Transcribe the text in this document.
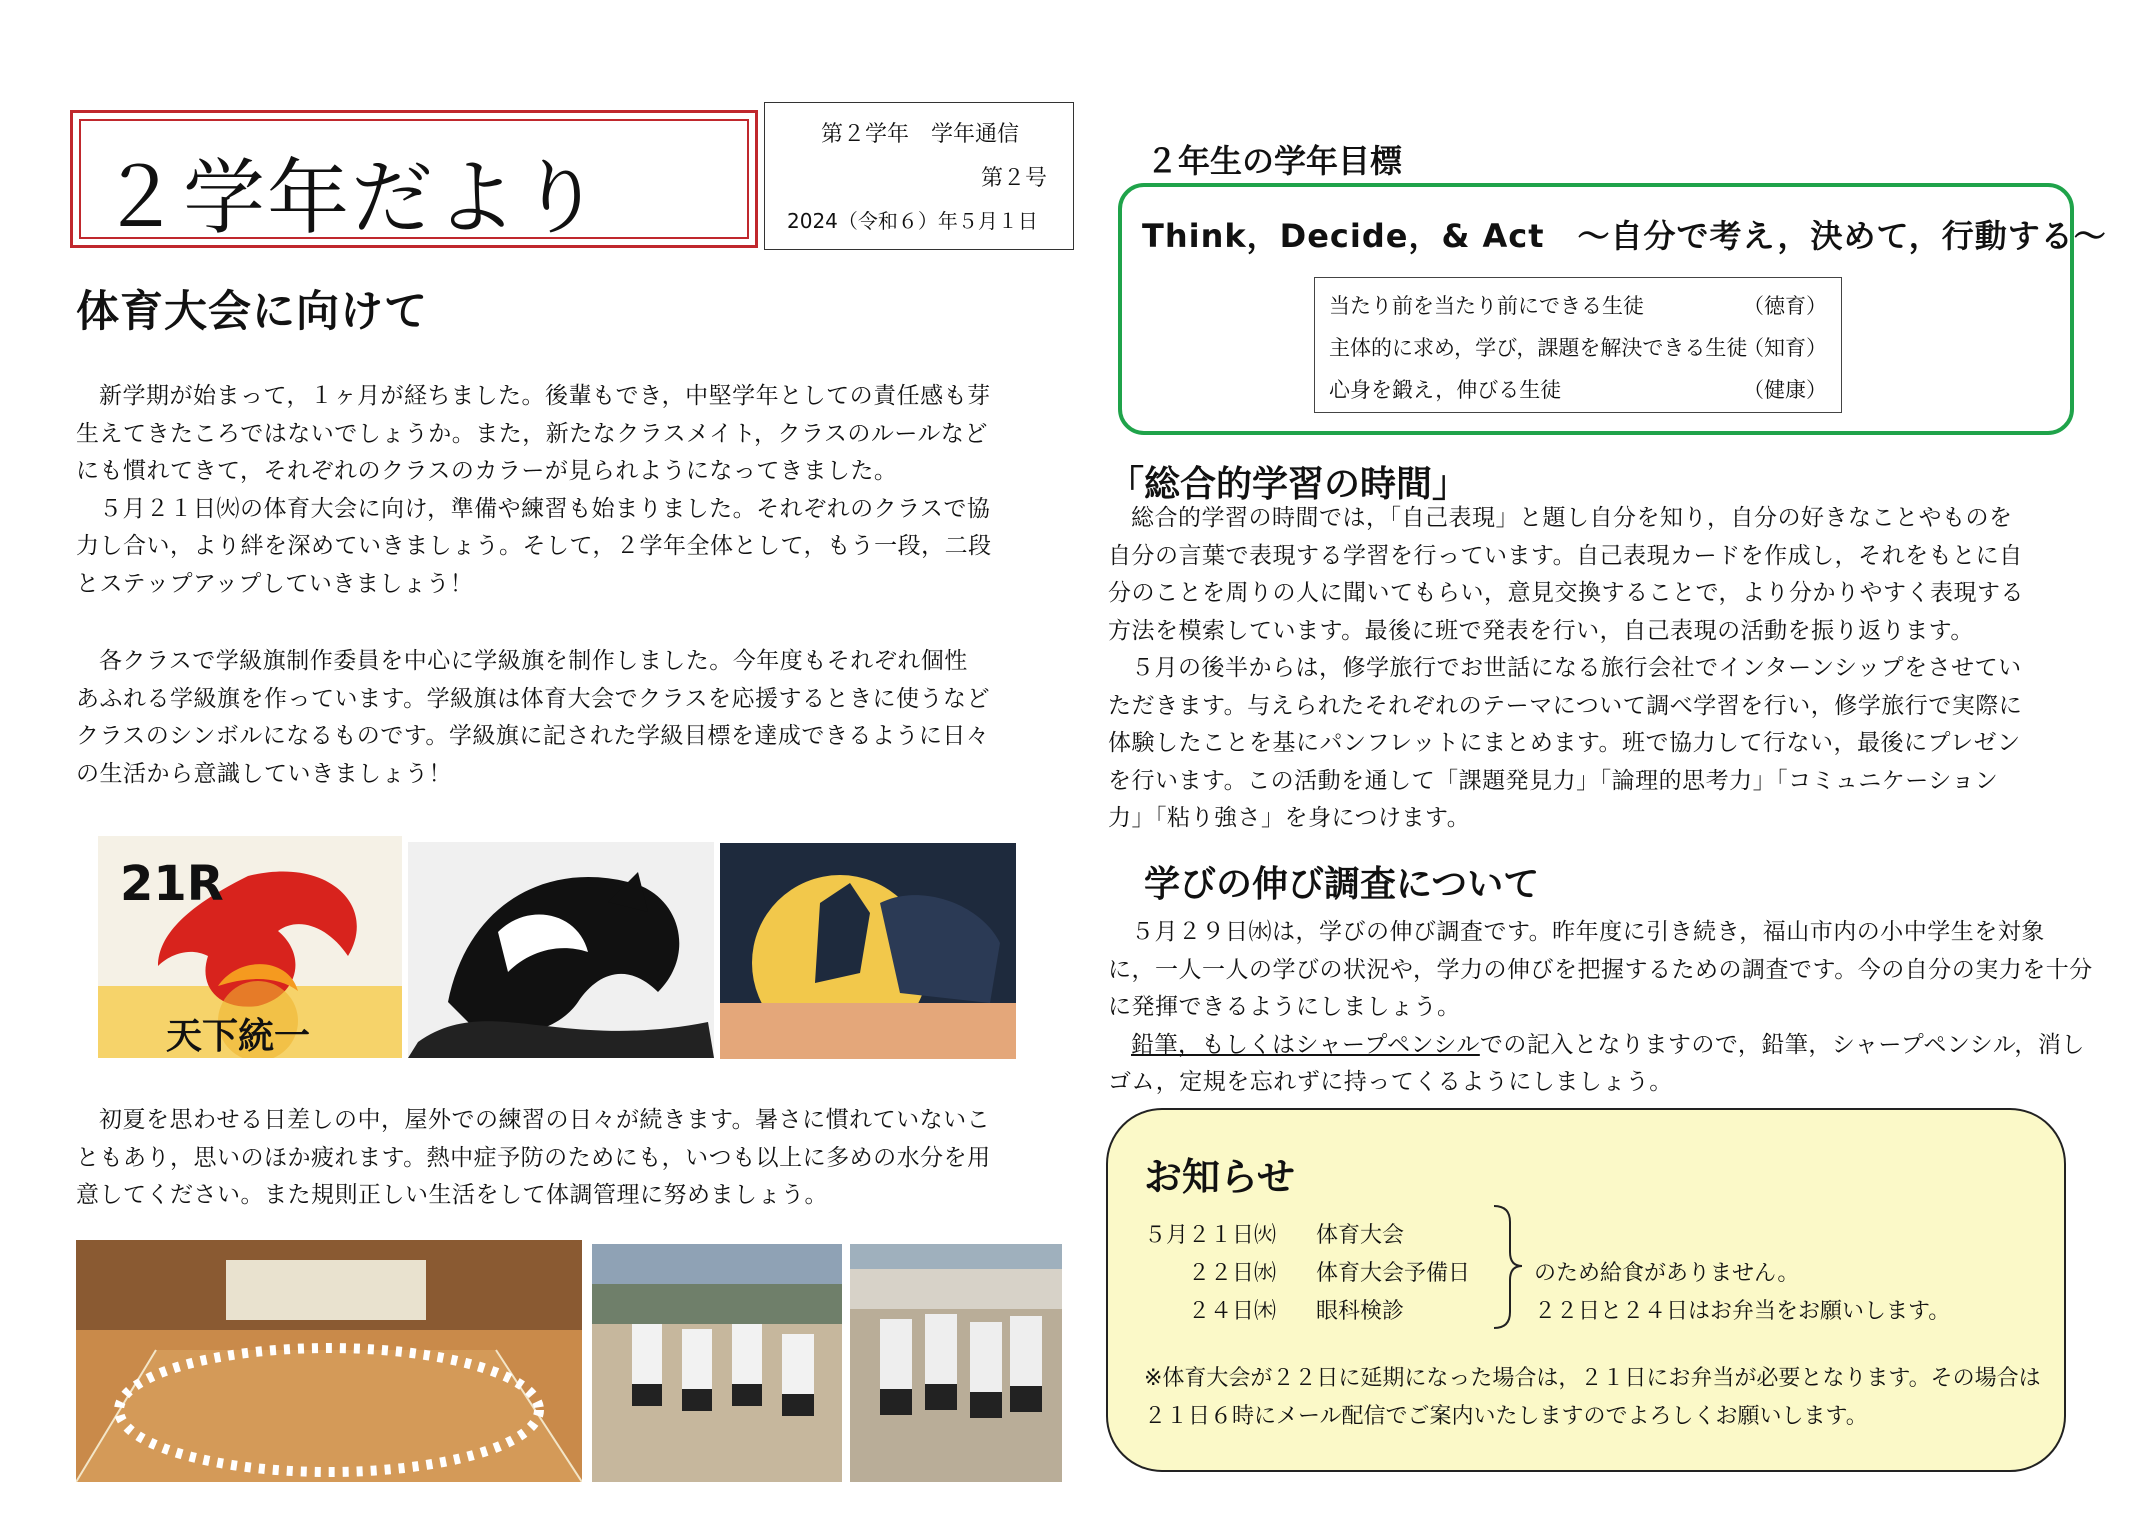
２学年だより
第２学年　学年通信
第２号
2024（令和６）年５月１日
体育大会に向けて

新学期が始まって，１ヶ月が経ちました。後輩もでき，中堅学年としての責任感も芽

生えてきたころではないでしょうか。また，新たなクラスメイト，クラスのルールなど

にも慣れてきて，それぞれのクラスのカラーが見られようになってきました。

５月２１日㈫の体育大会に向け，準備や練習も始まりました。それぞれのクラスで協

力し合い，より絆を深めていきましょう。そして，２学年全体として，もう一段，二段

とステップアップしていきましょう！

各クラスで学級旗制作委員を中心に学級旗を制作しました。今年度もそれぞれ個性

あふれる学級旗を作っています。学級旗は体育大会でクラスを応援するときに使うなど

クラスのシンボルになるものです。学級旗に記された学級目標を達成できるように日々

の生活から意識していきましょう！

21R
天下統一

初夏を思わせる日差しの中，屋外での練習の日々が続きます。暑さに慣れていないこ

ともあり，思いのほか疲れます。熱中症予防のためにも，いつも以上に多めの水分を用

意してください。また規則正しい生活をして体調管理に努めましょう。

２年生の学年目標
Think，Decide，& Act　～自分で考え，決めて，行動する～
当たり前を当たり前にできる生徒	（徳育）
主体的に求め，学び，課題を解決できる生徒
（知育）
心身を鍛え，伸びる生徒	（健康）
「総合的学習の時間」

総合的学習の時間では，「自己表現」と題し自分を知り，自分の好きなことやものを

自分の言葉で表現する学習を行っています。自己表現カードを作成し，それをもとに自

分のことを周りの人に聞いてもらい，意見交換することで，より分かりやすく表現する

方法を模索しています。最後に班で発表を行い，自己表現の活動を振り返ります。

５月の後半からは，修学旅行でお世話になる旅行会社でインターンシップをさせてい

ただきます。与えられたそれぞれのテーマについて調べ学習を行い，修学旅行で実際に

体験したことを基にパンフレットにまとめます。班で協力して行ない，最後にプレゼン

を行います。この活動を通して「課題発見力」「論理的思考力」「コミュニケーション

力」「粘り強さ」を身につけます。

学びの伸び調査について

５月２９日㈬は，学びの伸び調査です。昨年度に引き続き，福山市内の小中学生を対象

に，一人一人の学びの状況や，学力の伸びを把握するための調査です。今の自分の実力を十分

に発揮できるようにしましょう。

鉛筆，もしくはシャープペンシルでの記入となりますので，鉛筆，シャープペンシル，消し

ゴム，定規を忘れずに持ってくるようにしましょう。

お知らせ
５月２１日㈫ 体育大会
２２日㈬ 体育大会予備日
２４日㈭ 眼科検診
のため給食がありません。
２２日と２４日はお弁当をお願いします。
※体育大会が２２日に延期になった場合は，２１日にお弁当が必要となります。その場合は
２１日６時にメール配信でご案内いたしますのでよろしくお願いします。
